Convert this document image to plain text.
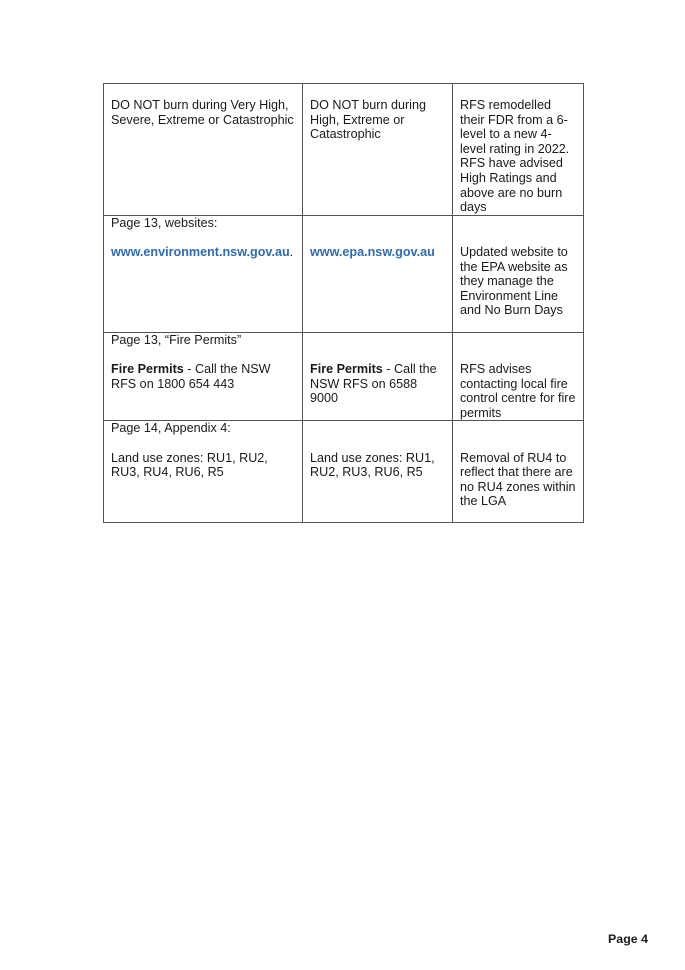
DO NOT burn during Very High, Severe, Extreme or Catastrophic	DO NOT burn during High, Extreme or Catastrophic	RFS remodelled their FDR from a 6-level to a new 4-level rating in 2022. RFS have advised High Ratings and above are no burn days

Page 13, websites:
www.environment.nsw.gov.au.	www.epa.nsw.gov.au	Updated website to the EPA website as they manage the Environment Line and No Burn Days

Page 13, “Fire Permits”
Fire Permits - Call the NSW RFS on 1800 654 443	Fire Permits - Call the NSW RFS on 6588 9000	RFS advises contacting local fire control centre for fire permits

Page 14, Appendix 4:
Land use zones: RU1, RU2, RU3, RU4, RU6, R5	Land use zones: RU1, RU2, RU3, RU6, R5	Removal of RU4 to reflect that there are no RU4 zones within the LGA
Page 4
